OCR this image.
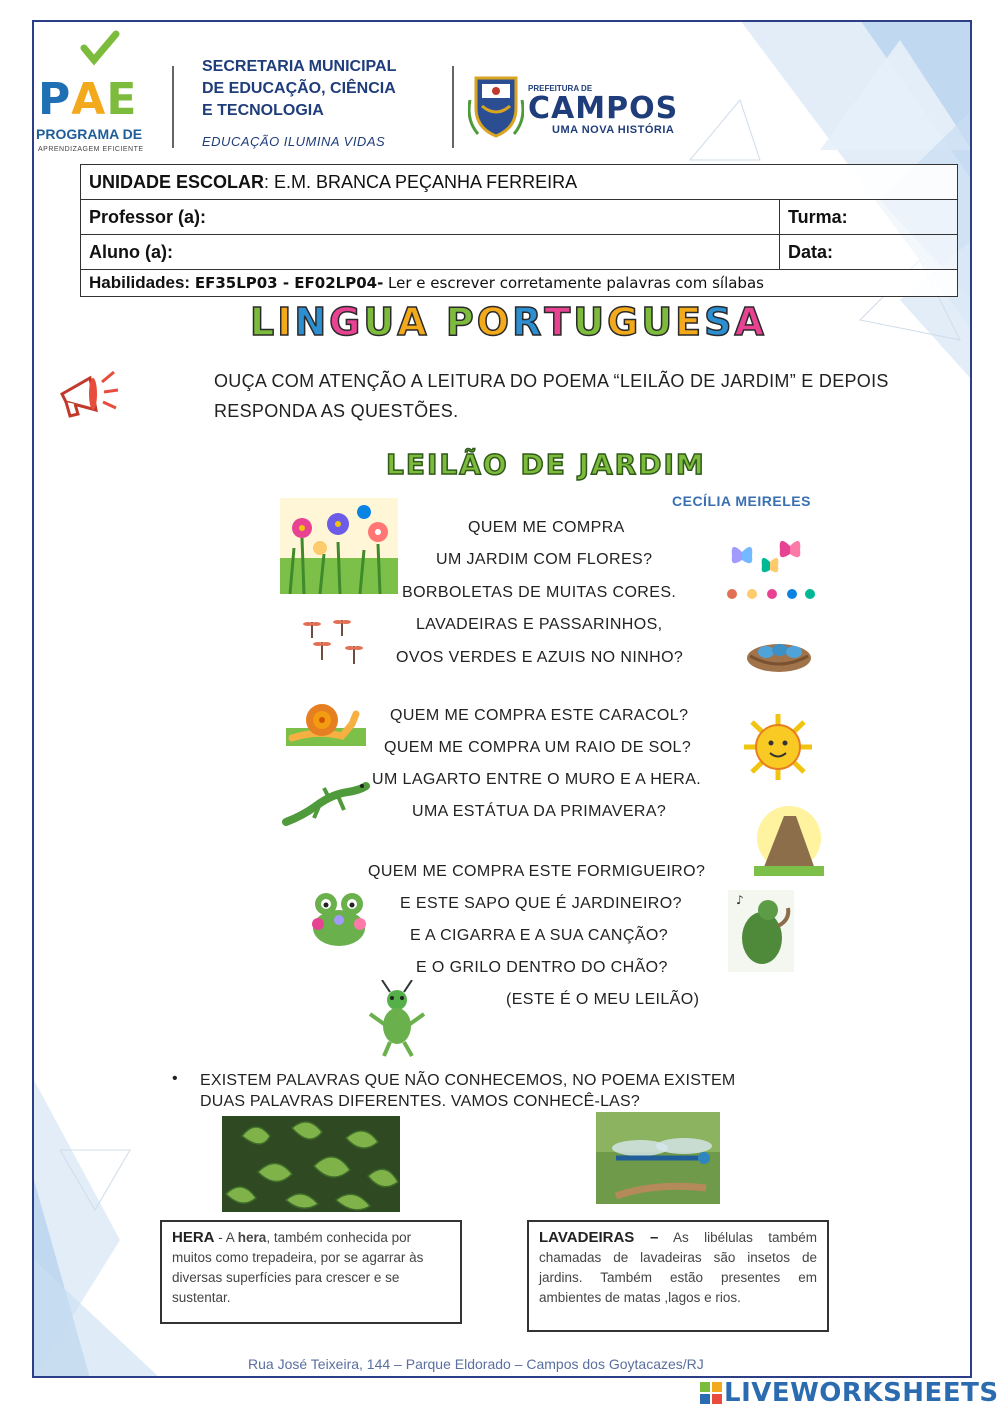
PAE
PROGRAMA DE
APRENDIZAGEM EFICIENTE
SECRETARIA MUNICIPAL
DE EDUCAÇÃO, CIÊNCIA
E TECNOLOGIA
EDUCAÇÃO ILUMINA VIDAS
PREFEITURA DE
CAMPOS
UMA NOVA HISTÓRIA
UNIDADE ESCOLAR: E.M. BRANCA PEÇANHA FERREIRA	
Professor (a):	Turma:
Aluno (a):	Data:
Habilidades: EF35LP03 - EF02LP04- Ler e escrever corretamente palavras com sílabas	
LINGUA PORTUGUESA
OUÇA COM ATENÇÃO A LEITURA DO POEMA “LEILÃO DE JARDIM” E DEPOIS RESPONDA AS QUESTÕES.
LEILÃO DE JARDIM
CECÍLIA MEIRELES
QUEM ME COMPRA
UM JARDIM COM FLORES?
BORBOLETAS DE MUITAS CORES.
LAVADEIRAS E PASSARINHOS,
OVOS VERDES E AZUIS NO NINHO?
QUEM ME COMPRA ESTE CARACOL?
QUEM ME COMPRA UM RAIO DE SOL?
UM LAGARTO ENTRE O MURO E A HERA.
UMA ESTÁTUA DA PRIMAVERA?
QUEM ME COMPRA ESTE FORMIGUEIRO?
E ESTE SAPO QUE É JARDINEIRO?
E A CIGARRA E A SUA CANÇÃO?
E O GRILO DENTRO DO CHÃO?
(ESTE É O MEU LEILÃO)
♪
• EXISTEM PALAVRAS QUE NÃO CONHECEMOS, NO POEMA EXISTEM
DUAS PALAVRAS DIFERENTES. VAMOS CONHECÊ-LAS?
HERA - A hera, também conhecida por muitos como trepadeira, por se agarrar às diversas superfícies para crescer e se sustentar.
LAVADEIRAS – As libélulas também chamadas de lavadeiras são insetos de jardins. Também estão presentes em ambientes de matas ,lagos e rios.
Rua José Teixeira, 144 – Parque Eldorado – Campos dos Goytacazes/RJ
LIVEWORKSHEETS
